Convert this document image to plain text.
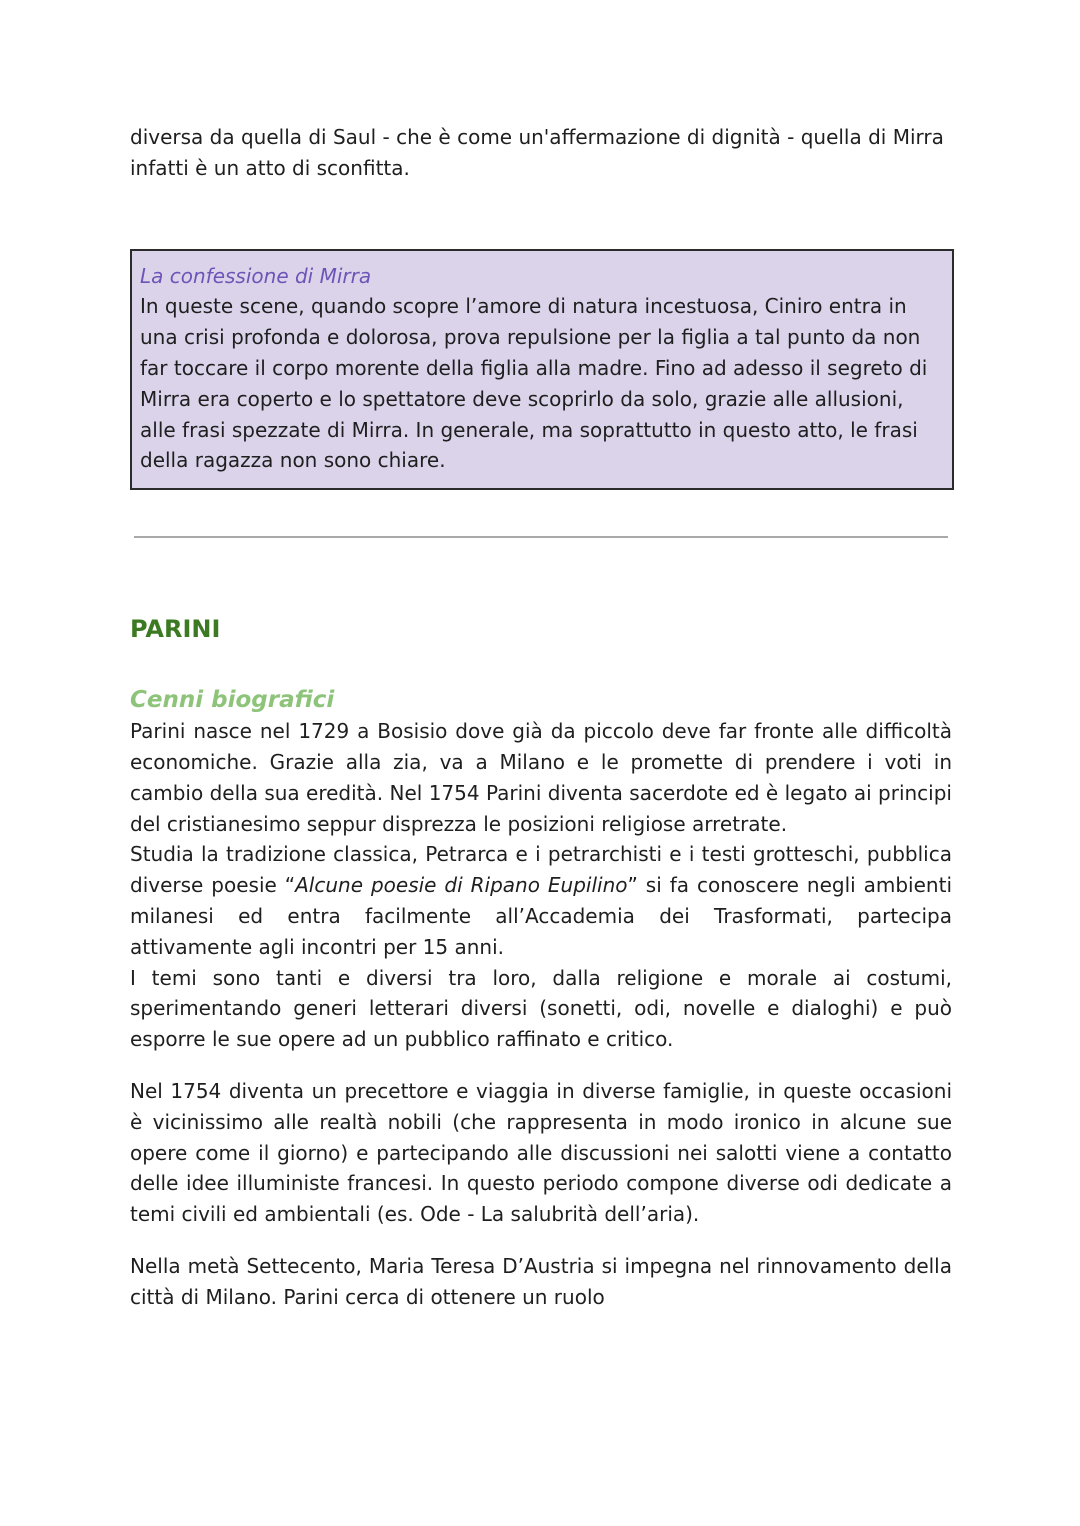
diversa da quella di Saul - che è come un'affermazione di dignità - quella di Mirra infatti è un atto di sconfitta.

La confessione di Mirra

In queste scene, quando scopre l’amore di natura incestuosa, Ciniro entra in una crisi profonda e dolorosa, prova repulsione per la figlia a tal punto da non far toccare il corpo morente della figlia alla madre. Fino ad adesso il segreto di Mirra era coperto e lo spettatore deve scoprirlo da solo, grazie alle allusioni, alle frasi spezzate di Mirra. In generale, ma soprattutto in questo atto, le frasi della ragazza non sono chiare.

PARINI
Cenni biografici

Parini nasce nel 1729 a Bosisio dove già da piccolo deve far fronte alle difficoltà economiche. Grazie alla zia, va a Milano e le promette di prendere i voti in cambio della sua eredità. Nel 1754 Parini diventa sacerdote ed è legato ai principi del cristianesimo seppur disprezza le posizioni religiose arretrate.

Studia la tradizione classica, Petrarca e i petrarchisti e i testi grotteschi, pubblica diverse poesie “Alcune poesie di Ripano Eupilino” si fa conoscere negli ambienti milanesi ed entra facilmente all’Accademia dei Trasformati, partecipa attivamente agli incontri per 15 anni.

I temi sono tanti e diversi tra loro, dalla religione e morale ai costumi, sperimentando generi letterari diversi (sonetti, odi, novelle e dialoghi) e può esporre le sue opere ad un pubblico raffinato e critico.

Nel 1754 diventa un precettore e viaggia in diverse famiglie, in queste occasioni è vicinissimo alle realtà nobili (che rappresenta in modo ironico in alcune sue opere come il giorno) e partecipando alle discussioni nei salotti viene a contatto delle idee illuministe francesi. In questo periodo compone diverse odi dedicate a temi civili ed ambientali (es. Ode - La salubrità dell’aria).

Nella metà Settecento, Maria Teresa D’Austria si impegna nel rinnovamento della città di Milano. Parini cerca di ottenere un ruolo
